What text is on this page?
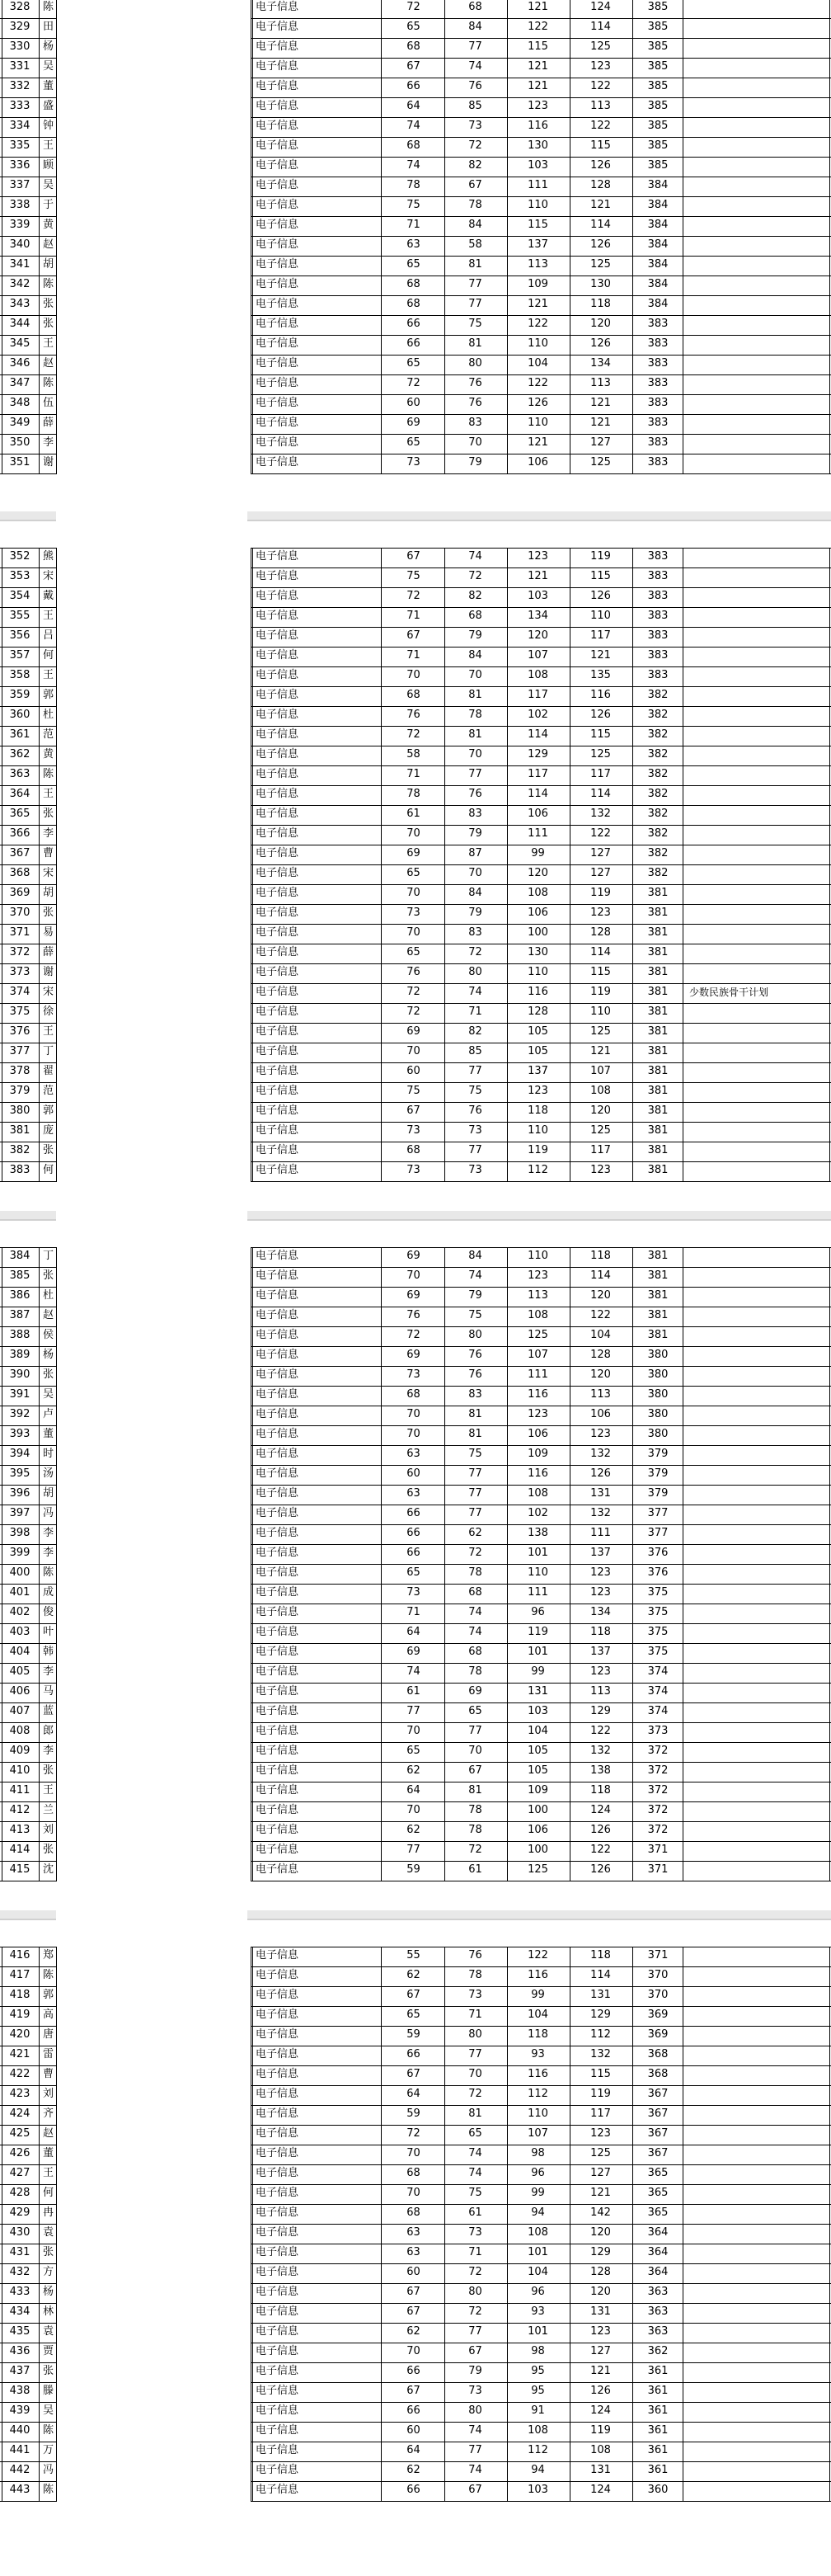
328	陈	电子信息	72	68	121	124	385
329	田	电子信息	65	84	122	114	385
330	杨	电子信息	68	77	115	125	385
331	吴	电子信息	67	74	121	123	385
332	董	电子信息	66	76	121	122	385
333	盛	电子信息	64	85	123	113	385
334	钟	电子信息	74	73	116	122	385
335	王	电子信息	68	72	130	115	385
336	顾	电子信息	74	82	103	126	385
337	吴	电子信息	78	67	111	128	384
338	于	电子信息	75	78	110	121	384
339	黄	电子信息	71	84	115	114	384
340	赵	电子信息	63	58	137	126	384
341	胡	电子信息	65	81	113	125	384
342	陈	电子信息	68	77	109	130	384
343	张	电子信息	68	77	121	118	384
344	张	电子信息	66	75	122	120	383
345	王	电子信息	66	81	110	126	383
346	赵	电子信息	65	80	104	134	383
347	陈	电子信息	72	76	122	113	383
348	伍	电子信息	60	76	126	121	383
349	薛	电子信息	69	83	110	121	383
350	李	电子信息	65	70	121	127	383
351	谢	电子信息	73	79	106	125	383
352	熊	电子信息	67	74	123	119	383
353	宋	电子信息	75	72	121	115	383
354	戴	电子信息	72	82	103	126	383
355	王	电子信息	71	68	134	110	383
356	吕	电子信息	67	79	120	117	383
357	何	电子信息	71	84	107	121	383
358	王	电子信息	70	70	108	135	383
359	郭	电子信息	68	81	117	116	382
360	杜	电子信息	76	78	102	126	382
361	范	电子信息	72	81	114	115	382
362	黄	电子信息	58	70	129	125	382
363	陈	电子信息	71	77	117	117	382
364	王	电子信息	78	76	114	114	382
365	张	电子信息	61	83	106	132	382
366	李	电子信息	70	79	111	122	382
367	曹	电子信息	69	87	99	127	382
368	宋	电子信息	65	70	120	127	382
369	胡	电子信息	70	84	108	119	381
370	张	电子信息	73	79	106	123	381
371	易	电子信息	70	83	100	128	381
372	薛	电子信息	65	72	130	114	381
373	谢	电子信息	76	80	110	115	381
374	宋	电子信息	72	74	116	119	381	少数民族骨干计划
375	徐	电子信息	72	71	128	110	381
376	王	电子信息	69	82	105	125	381
377	丁	电子信息	70	85	105	121	381
378	翟	电子信息	60	77	137	107	381
379	范	电子信息	75	75	123	108	381
380	郭	电子信息	67	76	118	120	381
381	庞	电子信息	73	73	110	125	381
382	张	电子信息	68	77	119	117	381
383	何	电子信息	73	73	112	123	381
384	丁	电子信息	69	84	110	118	381
385	张	电子信息	70	74	123	114	381
386	杜	电子信息	69	79	113	120	381
387	赵	电子信息	76	75	108	122	381
388	侯	电子信息	72	80	125	104	381
389	杨	电子信息	69	76	107	128	380
390	张	电子信息	73	76	111	120	380
391	吴	电子信息	68	83	116	113	380
392	卢	电子信息	70	81	123	106	380
393	董	电子信息	70	81	106	123	380
394	时	电子信息	63	75	109	132	379
395	汤	电子信息	60	77	116	126	379
396	胡	电子信息	63	77	108	131	379
397	冯	电子信息	66	77	102	132	377
398	李	电子信息	66	62	138	111	377
399	李	电子信息	66	72	101	137	376
400	陈	电子信息	65	78	110	123	376
401	成	电子信息	73	68	111	123	375
402	俊	电子信息	71	74	96	134	375
403	叶	电子信息	64	74	119	118	375
404	韩	电子信息	69	68	101	137	375
405	李	电子信息	74	78	99	123	374
406	马	电子信息	61	69	131	113	374
407	蓝	电子信息	77	65	103	129	374
408	郎	电子信息	70	77	104	122	373
409	李	电子信息	65	70	105	132	372
410	张	电子信息	62	67	105	138	372
411	王	电子信息	64	81	109	118	372
412	兰	电子信息	70	78	100	124	372
413	刘	电子信息	62	78	106	126	372
414	张	电子信息	77	72	100	122	371
415	沈	电子信息	59	61	125	126	371
416	郑	电子信息	55	76	122	118	371
417	陈	电子信息	62	78	116	114	370
418	郭	电子信息	67	73	99	131	370
419	高	电子信息	65	71	104	129	369
420	唐	电子信息	59	80	118	112	369
421	雷	电子信息	66	77	93	132	368
422	曹	电子信息	67	70	116	115	368
423	刘	电子信息	64	72	112	119	367
424	齐	电子信息	59	81	110	117	367
425	赵	电子信息	72	65	107	123	367
426	董	电子信息	70	74	98	125	367
427	王	电子信息	68	74	96	127	365
428	何	电子信息	70	75	99	121	365
429	冉	电子信息	68	61	94	142	365
430	袁	电子信息	63	73	108	120	364
431	张	电子信息	63	71	101	129	364
432	方	电子信息	60	72	104	128	364
433	杨	电子信息	67	80	96	120	363
434	林	电子信息	67	72	93	131	363
435	袁	电子信息	62	77	101	123	363
436	贾	电子信息	70	67	98	127	362
437	张	电子信息	66	79	95	121	361
438	滕	电子信息	67	73	95	126	361
439	吴	电子信息	66	80	91	124	361
440	陈	电子信息	60	74	108	119	361
441	万	电子信息	64	77	112	108	361
442	冯	电子信息	62	74	94	131	361
443	陈	电子信息	66	67	103	124	360
